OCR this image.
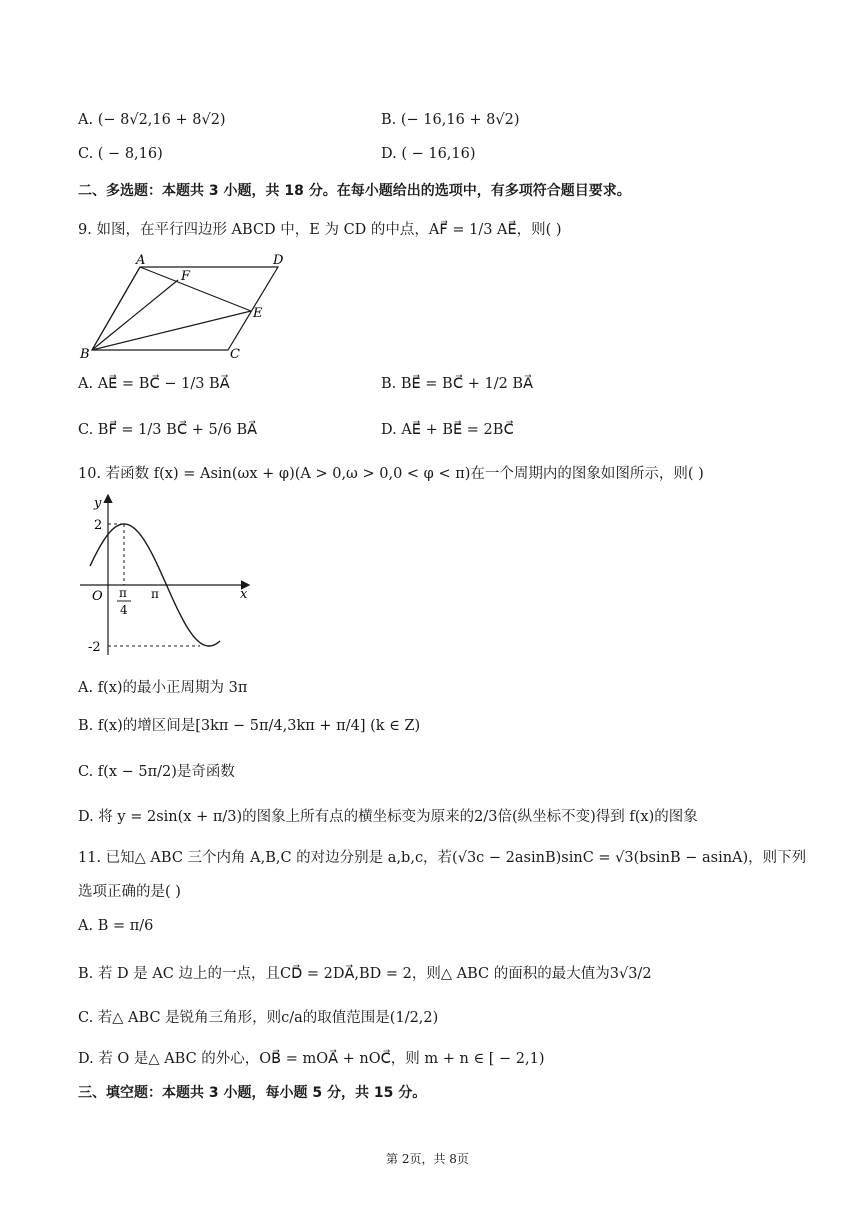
A. (− 8√2,16 + 8√2)	B. (− 16,16 + 8√2)
C. ( − 8,16)	D. ( − 16,16)
二、多选题：本题共 3 小题，共 18 分。在每小题给出的选项中，有多项符合题目要求。
9. 如图，在平行四边形 ABCD 中，E 为 CD 的中点，AF⃗ = 1/3 AE⃗，则( )
A	D
F
E
B	C
A. AE⃗ = BC⃗ − 1/3 BA⃗	B. BE⃗ = BC⃗ + 1/2 BA⃗
C. BF⃗ = 1/3 BC⃗ + 5/6 BA⃗	D. AE⃗ + BE⃗ = 2BC⃗
10. 若函数 f(x) = Asin(ωx + φ)(A > 0,ω > 0,0 < φ < π)在一个周期内的图象如图所示，则( )
y
x
O
2
-2
π
4
π
A. f(x)的最小正周期为 3π
B. f(x)的增区间是[3kπ − 5π/4,3kπ + π/4] (k ∈ Z)
C. f(x − 5π/2)是奇函数
D. 将 y = 2sin(x + π/3)的图象上所有点的横坐标变为原来的2/3倍(纵坐标不变)得到 f(x)的图象
11. 已知△ ABC 三个内角 A,B,C 的对边分别是 a,b,c，若(√3c − 2asinB)sinC = √3(bsinB − asinA)，则下列
选项正确的是( )
A. B = π/6
B. 若 D 是 AC 边上的一点，且CD⃗ = 2DA⃗,BD = 2，则△ ABC 的面积的最大值为3√3/2
C. 若△ ABC 是锐角三角形，则c/a的取值范围是(1/2,2)
D. 若 O 是△ ABC 的外心，OB⃗ = mOA⃗ + nOC⃗，则 m + n ∈ [ − 2,1)
三、填空题：本题共 3 小题，每小题 5 分，共 15 分。
第 2页，共 8页
